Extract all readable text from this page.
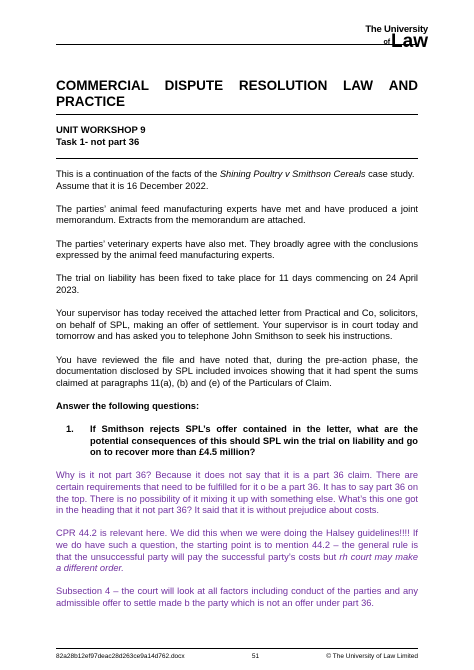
The University
ofLaw
COMMERCIAL DISPUTE RESOLUTION LAW AND
PRACTICE
UNIT WORKSHOP 9
Task 1- not part 36

This is a continuation of the facts of the Shining Poultry v Smithson Cereals case study.

Assume that it is 16 December 2022.

The parties’ animal feed manufacturing experts have met and have produced a joint memorandum. Extracts from the memorandum are attached.

The parties’ veterinary experts have also met. They broadly agree with the conclusions expressed by the animal feed manufacturing experts.

The trial on liability has been fixed to take place for 11 days commencing on 24 April 2023.

Your supervisor has today received the attached letter from Practical and Co, solicitors, on behalf of SPL, making an offer of settlement. Your supervisor is in court today and tomorrow and has asked you to telephone John Smithson to seek his instructions.

You have reviewed the file and have noted that, during the pre-action phase, the documentation disclosed by SPL included invoices showing that it had spent the sums claimed at paragraphs 11(a), (b) and (e) of the Particulars of Claim.

Answer the following questions:

1.	If Smithson rejects SPL’s offer contained in the letter, what are the potential consequences of this should SPL win the trial on liability and go on to recover more than £4.5 million?

Why is it not part 36? Because it does not say that it is a part 36 claim. There are certain requirements that need to be fulfilled for it o be a part 36. It has to say part 36 on the top. There is no possibility of it mixing it up with something else. What’s this one got in the heading that it not part 36? It said that it is without prejudice about costs.

CPR 44.2 is relevant here. We did this when we were doing the Halsey guidelines!!!! If we do have such a question, the starting point is to mention 44.2 – the general rule is that the unsuccessful party will pay the successful party’s costs but rh court may make a different order.

Subsection 4 – the court will look at all factors including conduct of the parties and any admissible offer to settle made b the party which is not an offer under part 36.

82a28b12ef97deac28d263ce9a14d762.docx	51	© The University of Law Limited
